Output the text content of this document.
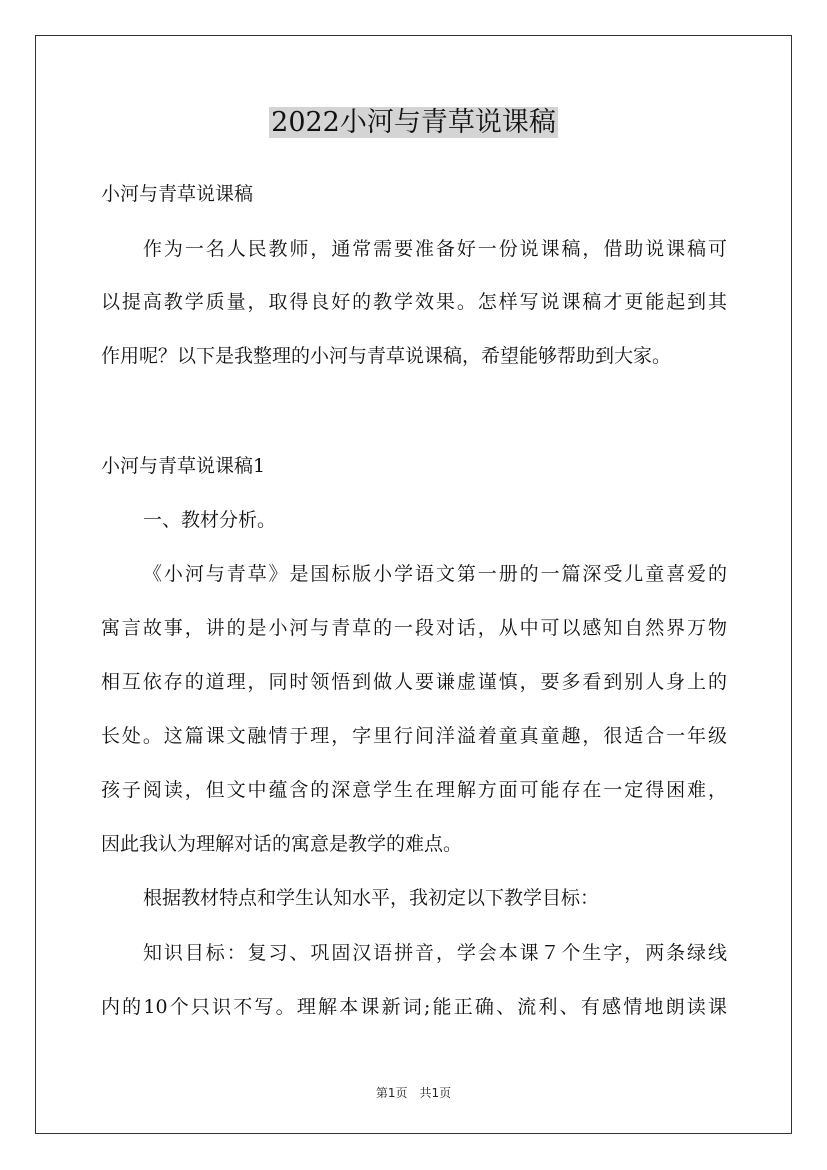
2022小河与青草说课稿
小河与青草说课稿
作为一名人民教师，通常需要准备好一份说课稿，借助说课稿可
以提高教学质量，取得良好的教学效果。怎样写说课稿才更能起到其
作用呢？以下是我整理的小河与青草说课稿，希望能够帮助到大家。
小河与青草说课稿1
一、教材分析。
《小河与青草》是国标版小学语文第一册的一篇深受儿童喜爱的
寓言故事，讲的是小河与青草的一段对话，从中可以感知自然界万物
相互依存的道理，同时领悟到做人要谦虚谨慎，要多看到别人身上的
长处。这篇课文融情于理，字里行间洋溢着童真童趣，很适合一年级
孩子阅读，但文中蕴含的深意学生在理解方面可能存在一定得困难，
因此我认为理解对话的寓意是教学的难点。
根据教材特点和学生认知水平，我初定以下教学目标：
知识目标：复习、巩固汉语拼音，学会本课７个生字，两条绿线
内的10个只识不写。理解本课新词;能正确、流利、有感情地朗读课
第1页　共1页
